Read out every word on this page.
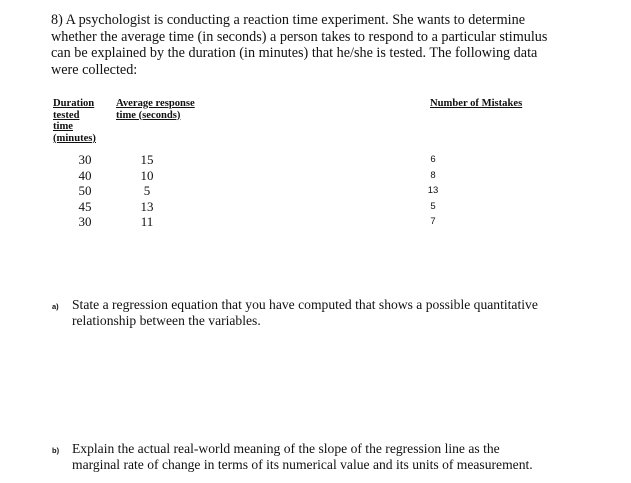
8) A psychologist is conducting a reaction time experiment. She wants to determine
whether the average time (in seconds) a person takes to respond to a particular stimulus
can be explained by the duration (in minutes) that he/she is tested. The following data
were collected:
Duration
tested
time
(minutes)
Average response
time (seconds)
Number of Mistakes
30
40
50
45
30
15
10
5
13
11
6
8
13
5
7
a) State a regression equation that you have computed that shows a possible quantitative
relationship between the variables.
b) Explain the actual real-world meaning of the slope of the regression line as the
marginal rate of change in terms of its numerical value and its units of measurement.
